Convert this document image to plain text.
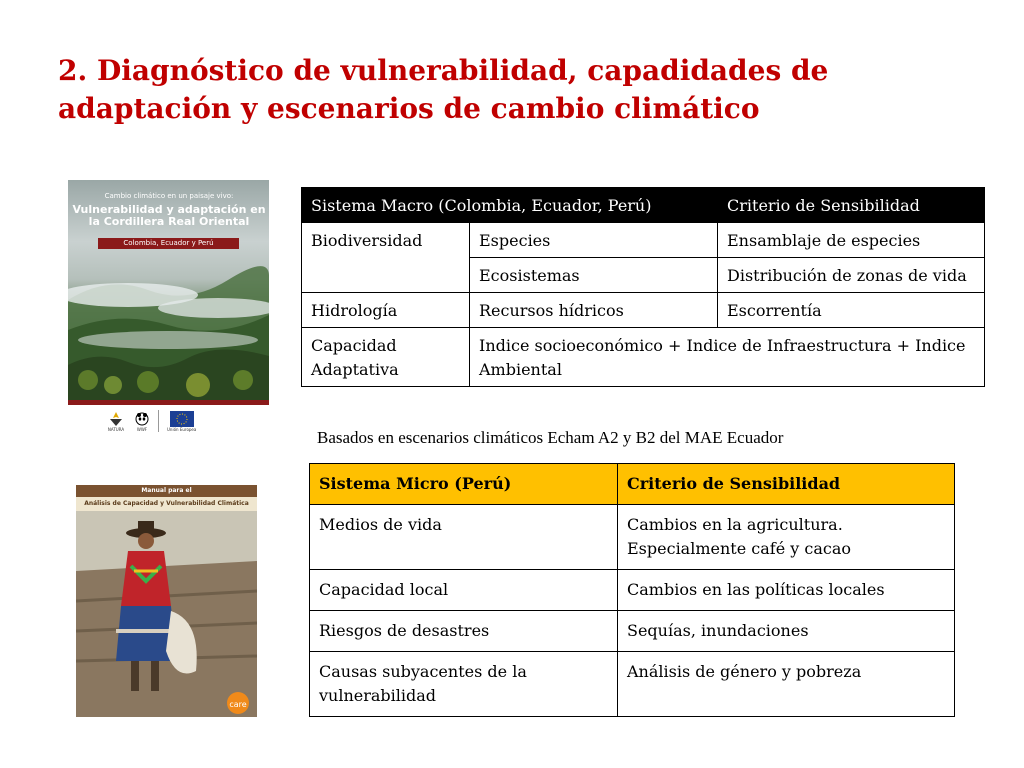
2. Diagnóstico de vulnerabilidad, capadidades de adaptación y escenarios de cambio climático
Cambio climático en un paisaje vivo:
Vulnerabilidad y adaptación en la Cordillera Real Oriental
Colombia, Ecuador y Perú
NATURA	WWF	Unión Europea
Manual para el
Análisis de Capacidad y Vulnerabilidad Climática
care
Sistema Macro (Colombia, Ecuador, Perú)		Criterio de Sensibilidad
Biodiversidad	Especies	Ensamblaje de especies
	Ecosistemas	Distribución de zonas de vida
Hidrología	Recursos hídricos	Escorrentía
Capacidad Adaptativa	Indice socioeconómico + Indice de Infraestructura + Indice Ambiental	

Basados en escenarios climáticos Echam A2 y B2 del MAE Ecuador

Sistema Micro (Perú)	Criterio de Sensibilidad
Medios de vida	Cambios en la agricultura. Especialmente café y cacao
Capacidad local	Cambios en las políticas locales
Riesgos de desastres	Sequías, inundaciones
Causas subyacentes de la vulnerabilidad	Análisis de género y pobreza
